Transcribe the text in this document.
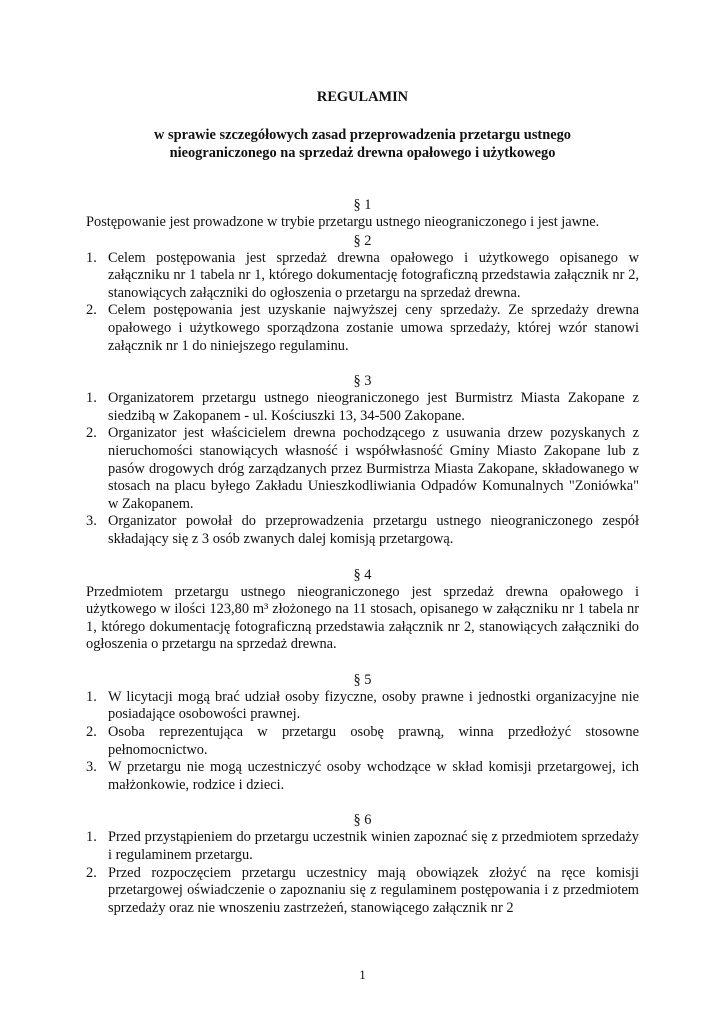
REGULAMIN

w sprawie szczegółowych zasad przeprowadzenia przetargu ustnego
nieograniczonego na sprzedaż drewna opałowego i użytkowego

§ 1

Postępowanie jest prowadzone w trybie przetargu ustnego nieograniczonego i jest jawne.

§ 2

1. Celem postępowania jest sprzedaż drewna opałowego i użytkowego opisanego w załączniku nr 1 tabela nr 1, którego dokumentację fotograficzną przedstawia załącznik nr 2, stanowiących załączniki do ogłoszenia o przetargu na sprzedaż drewna.
2. Celem postępowania jest uzyskanie najwyższej ceny sprzedaży. Ze sprzedaży drewna opałowego i użytkowego sporządzona zostanie umowa sprzedaży, której wzór stanowi załącznik nr 1 do niniejszego regulaminu.

§ 3

1. Organizatorem przetargu ustnego nieograniczonego jest Burmistrz Miasta Zakopane z siedzibą w Zakopanem - ul. Kościuszki 13, 34-500 Zakopane.
2. Organizator jest właścicielem drewna pochodzącego z usuwania drzew pozyskanych z nieruchomości stanowiących własność i współwłasność Gminy Miasto Zakopane lub z pasów drogowych dróg zarządzanych przez Burmistrza Miasta Zakopane, składowanego w stosach na placu byłego Zakładu Unieszkodliwiania Odpadów Komunalnych "Zoniówka" w Zakopanem.
3. Organizator powołał do przeprowadzenia przetargu ustnego nieograniczonego zespół składający się z 3 osób zwanych dalej komisją przetargową.

§ 4

Przedmiotem przetargu ustnego nieograniczonego jest sprzedaż drewna opałowego i użytkowego w ilości 123,80 m³ złożonego na 11 stosach, opisanego w załączniku nr 1 tabela nr 1, którego dokumentację fotograficzną przedstawia załącznik nr 2, stanowiących załączniki do ogłoszenia o przetargu na sprzedaż drewna.

§ 5

1. W licytacji mogą brać udział osoby fizyczne, osoby prawne i jednostki organizacyjne nie posiadające osobowości prawnej.
2. Osoba reprezentująca w przetargu osobę prawną, winna przedłożyć stosowne pełnomocnictwo.
3. W przetargu nie mogą uczestniczyć osoby wchodzące w skład komisji przetargowej, ich małżonkowie, rodzice i dzieci.

§ 6

1. Przed przystąpieniem do przetargu uczestnik winien zapoznać się z przedmiotem sprzedaży i regulaminem przetargu.
2. Przed rozpoczęciem przetargu uczestnicy mają obowiązek złożyć na ręce komisji przetargowej oświadczenie o zapoznaniu się z regulaminem postępowania i z przedmiotem sprzedaży oraz nie wnoszeniu zastrzeżeń, stanowiącego załącznik nr 2
1
